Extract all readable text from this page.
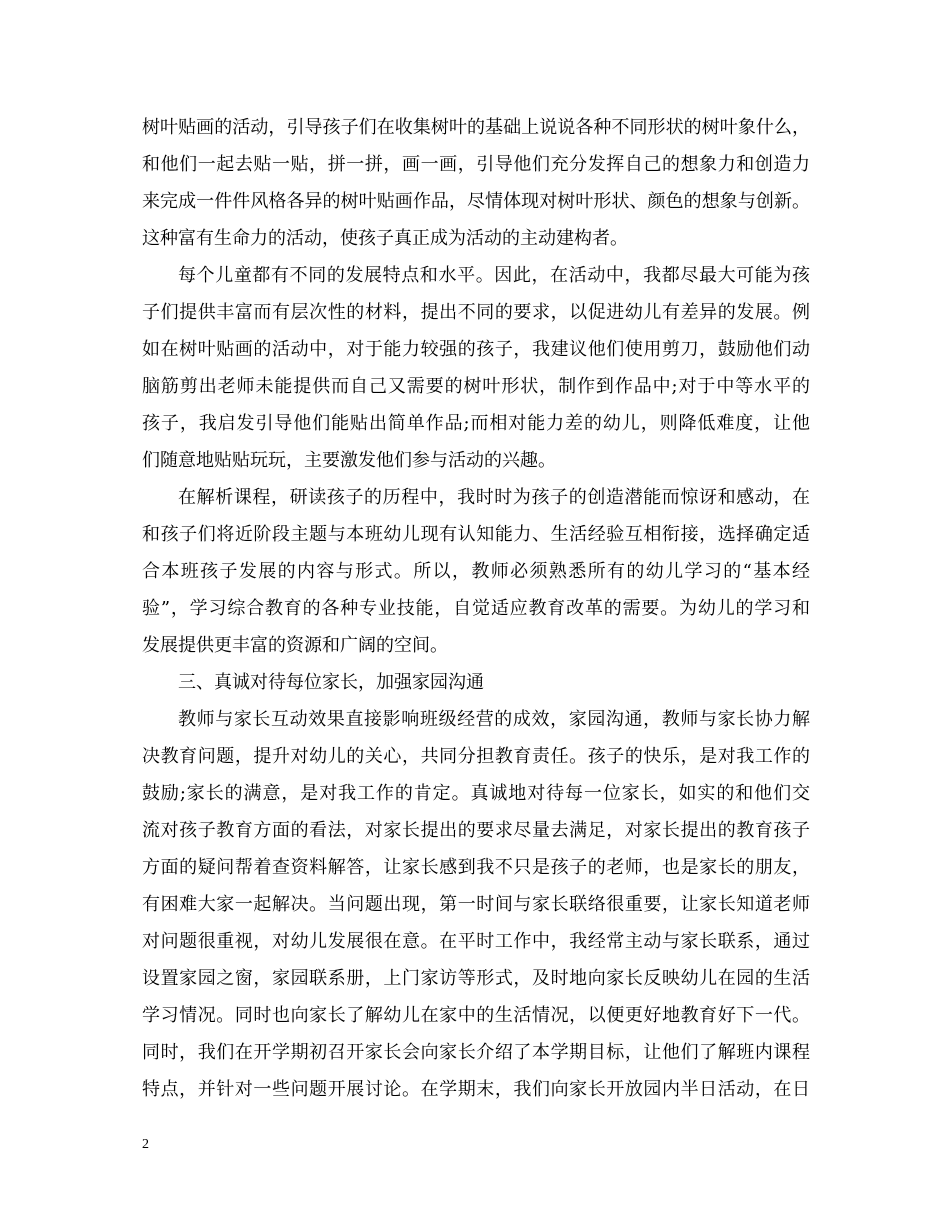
树叶贴画的活动，引导孩子们在收集树叶的基础上说说各种不同形状的树叶象什么，
和他们一起去贴一贴，拼一拼，画一画，引导他们充分发挥自己的想象力和创造力
来完成一件件风格各异的树叶贴画作品，尽情体现对树叶形状、颜色的想象与创新。
这种富有生命力的活动，使孩子真正成为活动的主动建构者。
每个儿童都有不同的发展特点和水平。因此，在活动中，我都尽最大可能为孩
子们提供丰富而有层次性的材料，提出不同的要求，以促进幼儿有差异的发展。例
如在树叶贴画的活动中，对于能力较强的孩子，我建议他们使用剪刀，鼓励他们动
脑筋剪出老师未能提供而自己又需要的树叶形状，制作到作品中;对于中等水平的
孩子，我启发引导他们能贴出简单作品;而相对能力差的幼儿，则降低难度，让他
们随意地贴贴玩玩，主要激发他们参与活动的兴趣。
在解析课程，研读孩子的历程中，我时时为孩子的创造潜能而惊讶和感动，在
和孩子们将近阶段主题与本班幼儿现有认知能力、生活经验互相衔接，选择确定适
合本班孩子发展的内容与形式。所以，教师必须熟悉所有的幼儿学习的“基本经
验”，学习综合教育的各种专业技能，自觉适应教育改革的需要。为幼儿的学习和
发展提供更丰富的资源和广阔的空间。
三、真诚对待每位家长，加强家园沟通
教师与家长互动效果直接影响班级经营的成效，家园沟通，教师与家长协力解
决教育问题，提升对幼儿的关心，共同分担教育责任。孩子的快乐，是对我工作的
鼓励;家长的满意，是对我工作的肯定。真诚地对待每一位家长，如实的和他们交
流对孩子教育方面的看法，对家长提出的要求尽量去满足，对家长提出的教育孩子
方面的疑问帮着查资料解答，让家长感到我不只是孩子的老师，也是家长的朋友，
有困难大家一起解决。当问题出现，第一时间与家长联络很重要，让家长知道老师
对问题很重视，对幼儿发展很在意。在平时工作中，我经常主动与家长联系，通过
设置家园之窗，家园联系册，上门家访等形式，及时地向家长反映幼儿在园的生活
学习情况。同时也向家长了解幼儿在家中的生活情况，以便更好地教育好下一代。
同时，我们在开学期初召开家长会向家长介绍了本学期目标，让他们了解班内课程
特点，并针对一些问题开展讨论。在学期末，我们向家长开放园内半日活动，在日
2
